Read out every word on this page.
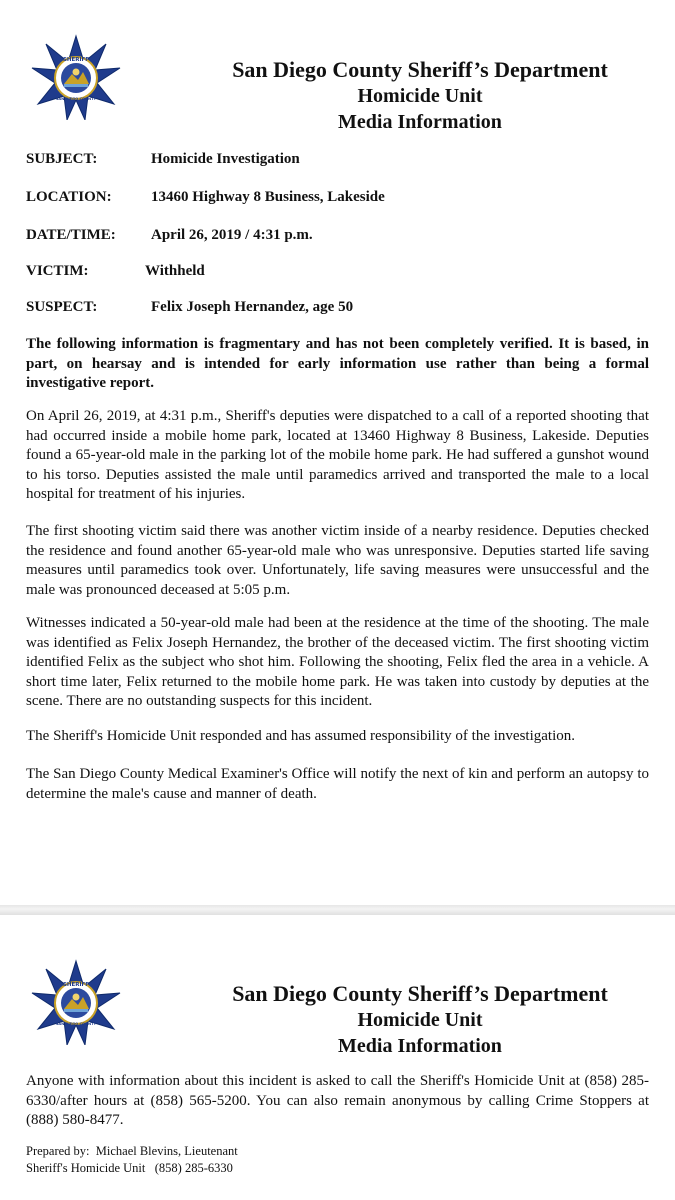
SHERIFF
SAN DIEGO COUNTY
San Diego County Sheriff’s Department
Homicide Unit
Media Information
SUBJECT:	Homicide Investigation
LOCATION:	13460 Highway 8 Business, Lakeside
DATE/TIME: April 26, 2019 / 4:31 p.m.
VICTIM:	Withheld
SUSPECT:	Felix Joseph Hernandez, age 50
The following information is fragmentary and has not been completely verified. It is based, in part, on hearsay and is intended for early information use rather than being a formal investigative report.
On April 26, 2019, at 4:31 p.m., Sheriff's deputies were dispatched to a call of a reported shooting that had occurred inside a mobile home park, located at 13460 Highway 8 Business, Lakeside. Deputies found a 65-year-old male in the parking lot of the mobile home park. He had suffered a gunshot wound to his torso. Deputies assisted the male until paramedics arrived and transported the male to a local hospital for treatment of his injuries.
The first shooting victim said there was another victim inside of a nearby residence. Deputies checked the residence and found another 65-year-old male who was unresponsive. Deputies started life saving measures until paramedics took over. Unfortunately, life saving measures were unsuccessful and the male was pronounced deceased at 5:05 p.m.
Witnesses indicated a 50-year-old male had been at the residence at the time of the shooting. The male was identified as Felix Joseph Hernandez, the brother of the deceased victim. The first shooting victim identified Felix as the subject who shot him. Following the shooting, Felix fled the area in a vehicle. A short time later, Felix returned to the mobile home park. He was taken into custody by deputies at the scene. There are no outstanding suspects for this incident.
The Sheriff's Homicide Unit responded and has assumed responsibility of the investigation.
The San Diego County Medical Examiner's Office will notify the next of kin and perform an autopsy to determine the male's cause and manner of death.
SHERIFF
SAN DIEGO COUNTY
San Diego County Sheriff’s Department
Homicide Unit
Media Information
Anyone with information about this incident is asked to call the Sheriff's Homicide Unit at (858) 285-6330/after hours at (858) 565-5200. You can also remain anonymous by calling Crime Stoppers at (888) 580-8477.
Prepared by:  Michael Blevins, Lieutenant
Sheriff's Homicide Unit   (858) 285-6330
